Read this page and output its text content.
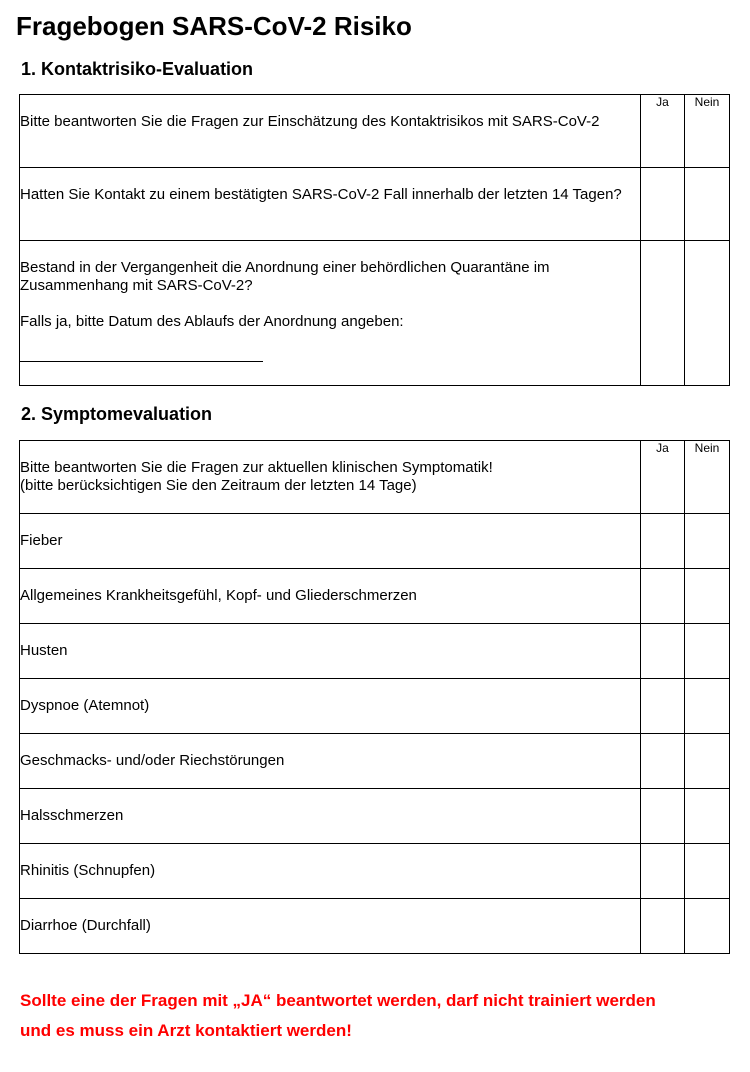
Fragebogen SARS-CoV-2 Risiko
1. Kontaktrisiko-Evaluation
Bitte beantworten Sie die Fragen zur Einschätzung des Kontaktrisikos mit SARS-CoV-2	Ja	Nein
Hatten Sie Kontakt zu einem bestätigten SARS-CoV-2 Fall innerhalb der letzten 14 Tagen?		

Bestand in der Vergangenheit die Anordnung einer behördlichen Quarantäne im Zusammenhang mit SARS-CoV-2?

Falls ja, bitte Datum des Ablaufs der Anordnung angeben:		

2. Symptomevaluation
Bitte beantworten Sie die Fragen zur aktuellen klinischen Symptomatik!
(bitte berücksichtigen Sie den Zeitraum der letzten 14 Tage)	Ja	Nein
Fieber		
Allgemeines Krankheitsgefühl, Kopf- und Gliederschmerzen		
Husten		
Dyspnoe (Atemnot)		
Geschmacks- und/oder Riechstörungen		
Halsschmerzen		
Rhinitis (Schnupfen)		
Diarrhoe (Durchfall)		
Sollte eine der Fragen mit „JA“ beantwortet werden, darf nicht trainiert werden
und es muss ein Arzt kontaktiert werden!
